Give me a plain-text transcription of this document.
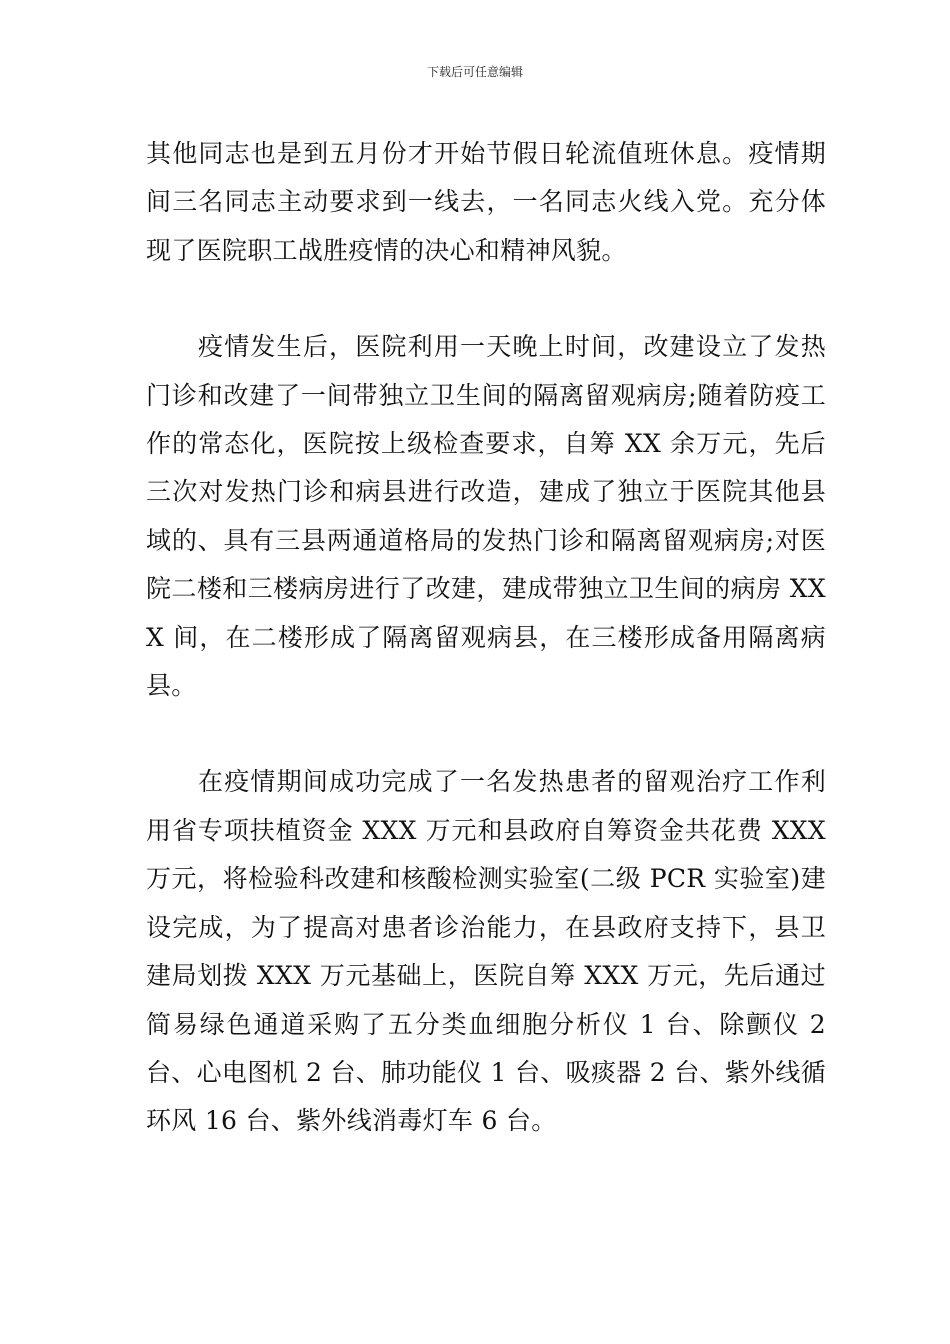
下载后可任意编辑

其他同志也是到五月份才开始节假日轮流值班休息。疫情期间三名同志主动要求到一线去，一名同志火线入党。充分体现了医院职工战胜疫情的决心和精神风貌。

疫情发生后，医院利用一天晚上时间，改建设立了发热门诊和改建了一间带独立卫生间的隔离留观病房;随着防疫工作的常态化，医院按上级检查要求，自筹 XX 余万元，先后三次对发热门诊和病县进行改造，建成了独立于医院其他县域的、具有三县两通道格局的发热门诊和隔离留观病房;对医院二楼和三楼病房进行了改建，建成带独立卫生间的病房 XXX 间，在二楼形成了隔离留观病县，在三楼形成备用隔离病县。

在疫情期间成功完成了一名发热患者的留观治疗工作利用省专项扶植资金 XXX 万元和县政府自筹资金共花费 XXX 万元，将检验科改建和核酸检测实验室(二级 PCR 实验室)建设完成，为了提高对患者诊治能力，在县政府支持下，县卫建局划拨 XXX 万元基础上，医院自筹 XXX 万元，先后通过简易绿色通道采购了五分类血细胞分析仪 1 台、除颤仪 2 台、心电图机 2 台、肺功能仪 1 台、吸痰器 2 台、紫外线循环风 16 台、紫外线消毒灯车 6 台。
